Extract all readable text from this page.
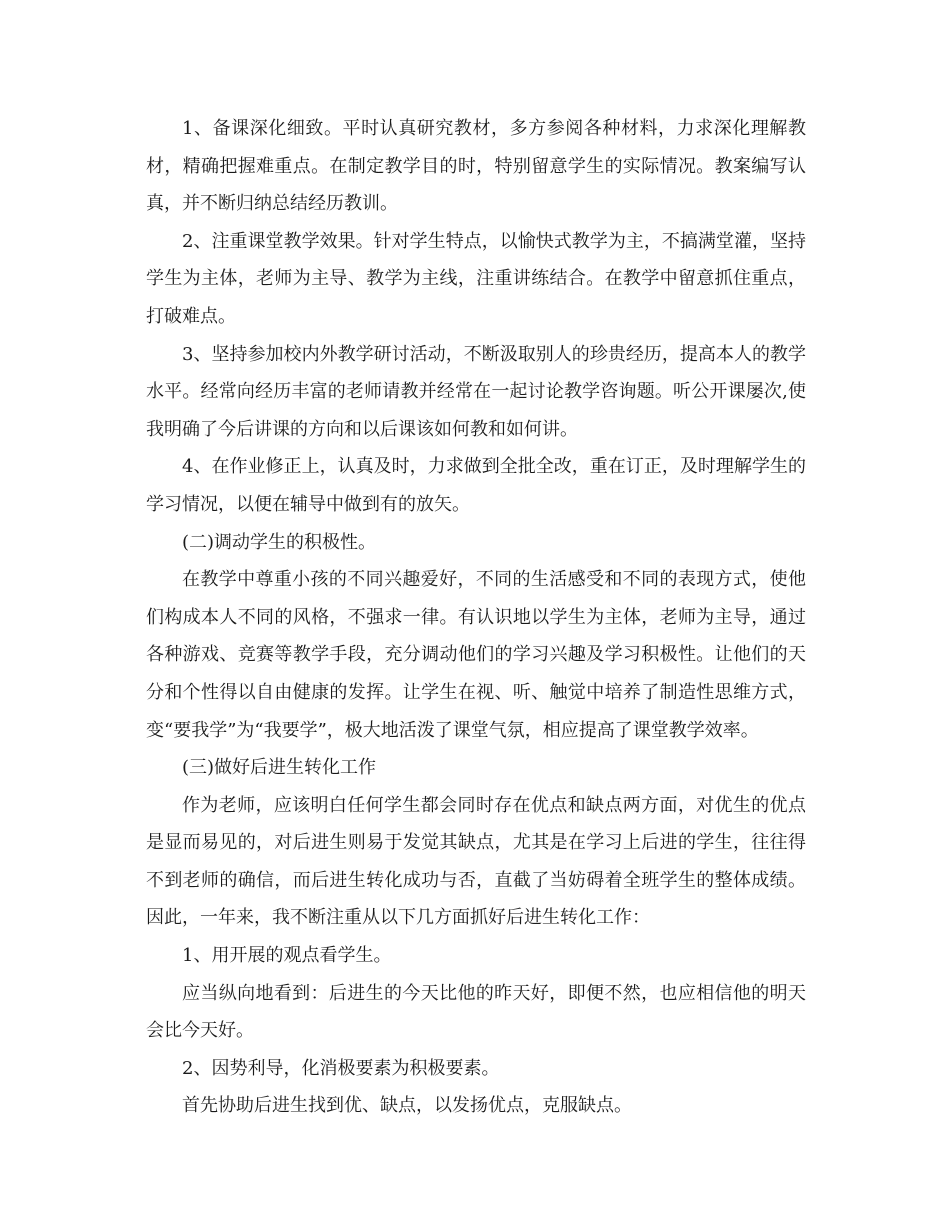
1、备课深化细致。平时认真研究教材，多方参阅各种材料，力求深化理解教材，精确把握难重点。在制定教学目的时，特别留意学生的实际情况。教案编写认真，并不断归纳总结经历教训。

2、注重课堂教学效果。针对学生特点，以愉快式教学为主，不搞满堂灌，坚持学生为主体，老师为主导、教学为主线，注重讲练结合。在教学中留意抓住重点，打破难点。

3、坚持参加校内外教学研讨活动，不断汲取别人的珍贵经历，提高本人的教学水平。经常向经历丰富的老师请教并经常在一起讨论教学咨询题。听公开课屡次,使我明确了今后讲课的方向和以后课该如何教和如何讲。

4、在作业修正上，认真及时，力求做到全批全改，重在订正，及时理解学生的学习情况，以便在辅导中做到有的放矢。

(二)调动学生的积极性。

在教学中尊重小孩的不同兴趣爱好，不同的生活感受和不同的表现方式，使他们构成本人不同的风格，不强求一律。有认识地以学生为主体，老师为主导，通过各种游戏、竞赛等教学手段，充分调动他们的学习兴趣及学习积极性。让他们的天分和个性得以自由健康的发挥。让学生在视、听、触觉中培养了制造性思维方式，变“要我学”为“我要学”，极大地活泼了课堂气氛，相应提高了课堂教学效率。

(三)做好后进生转化工作

作为老师，应该明白任何学生都会同时存在优点和缺点两方面，对优生的优点是显而易见的，对后进生则易于发觉其缺点，尤其是在学习上后进的学生，往往得不到老师的确信，而后进生转化成功与否，直截了当妨碍着全班学生的整体成绩。因此，一年来，我不断注重从以下几方面抓好后进生转化工作：

1、用开展的观点看学生。

应当纵向地看到：后进生的今天比他的昨天好，即便不然，也应相信他的明天会比今天好。

2、因势利导，化消极要素为积极要素。

首先协助后进生找到优、缺点，以发扬优点，克服缺点。
